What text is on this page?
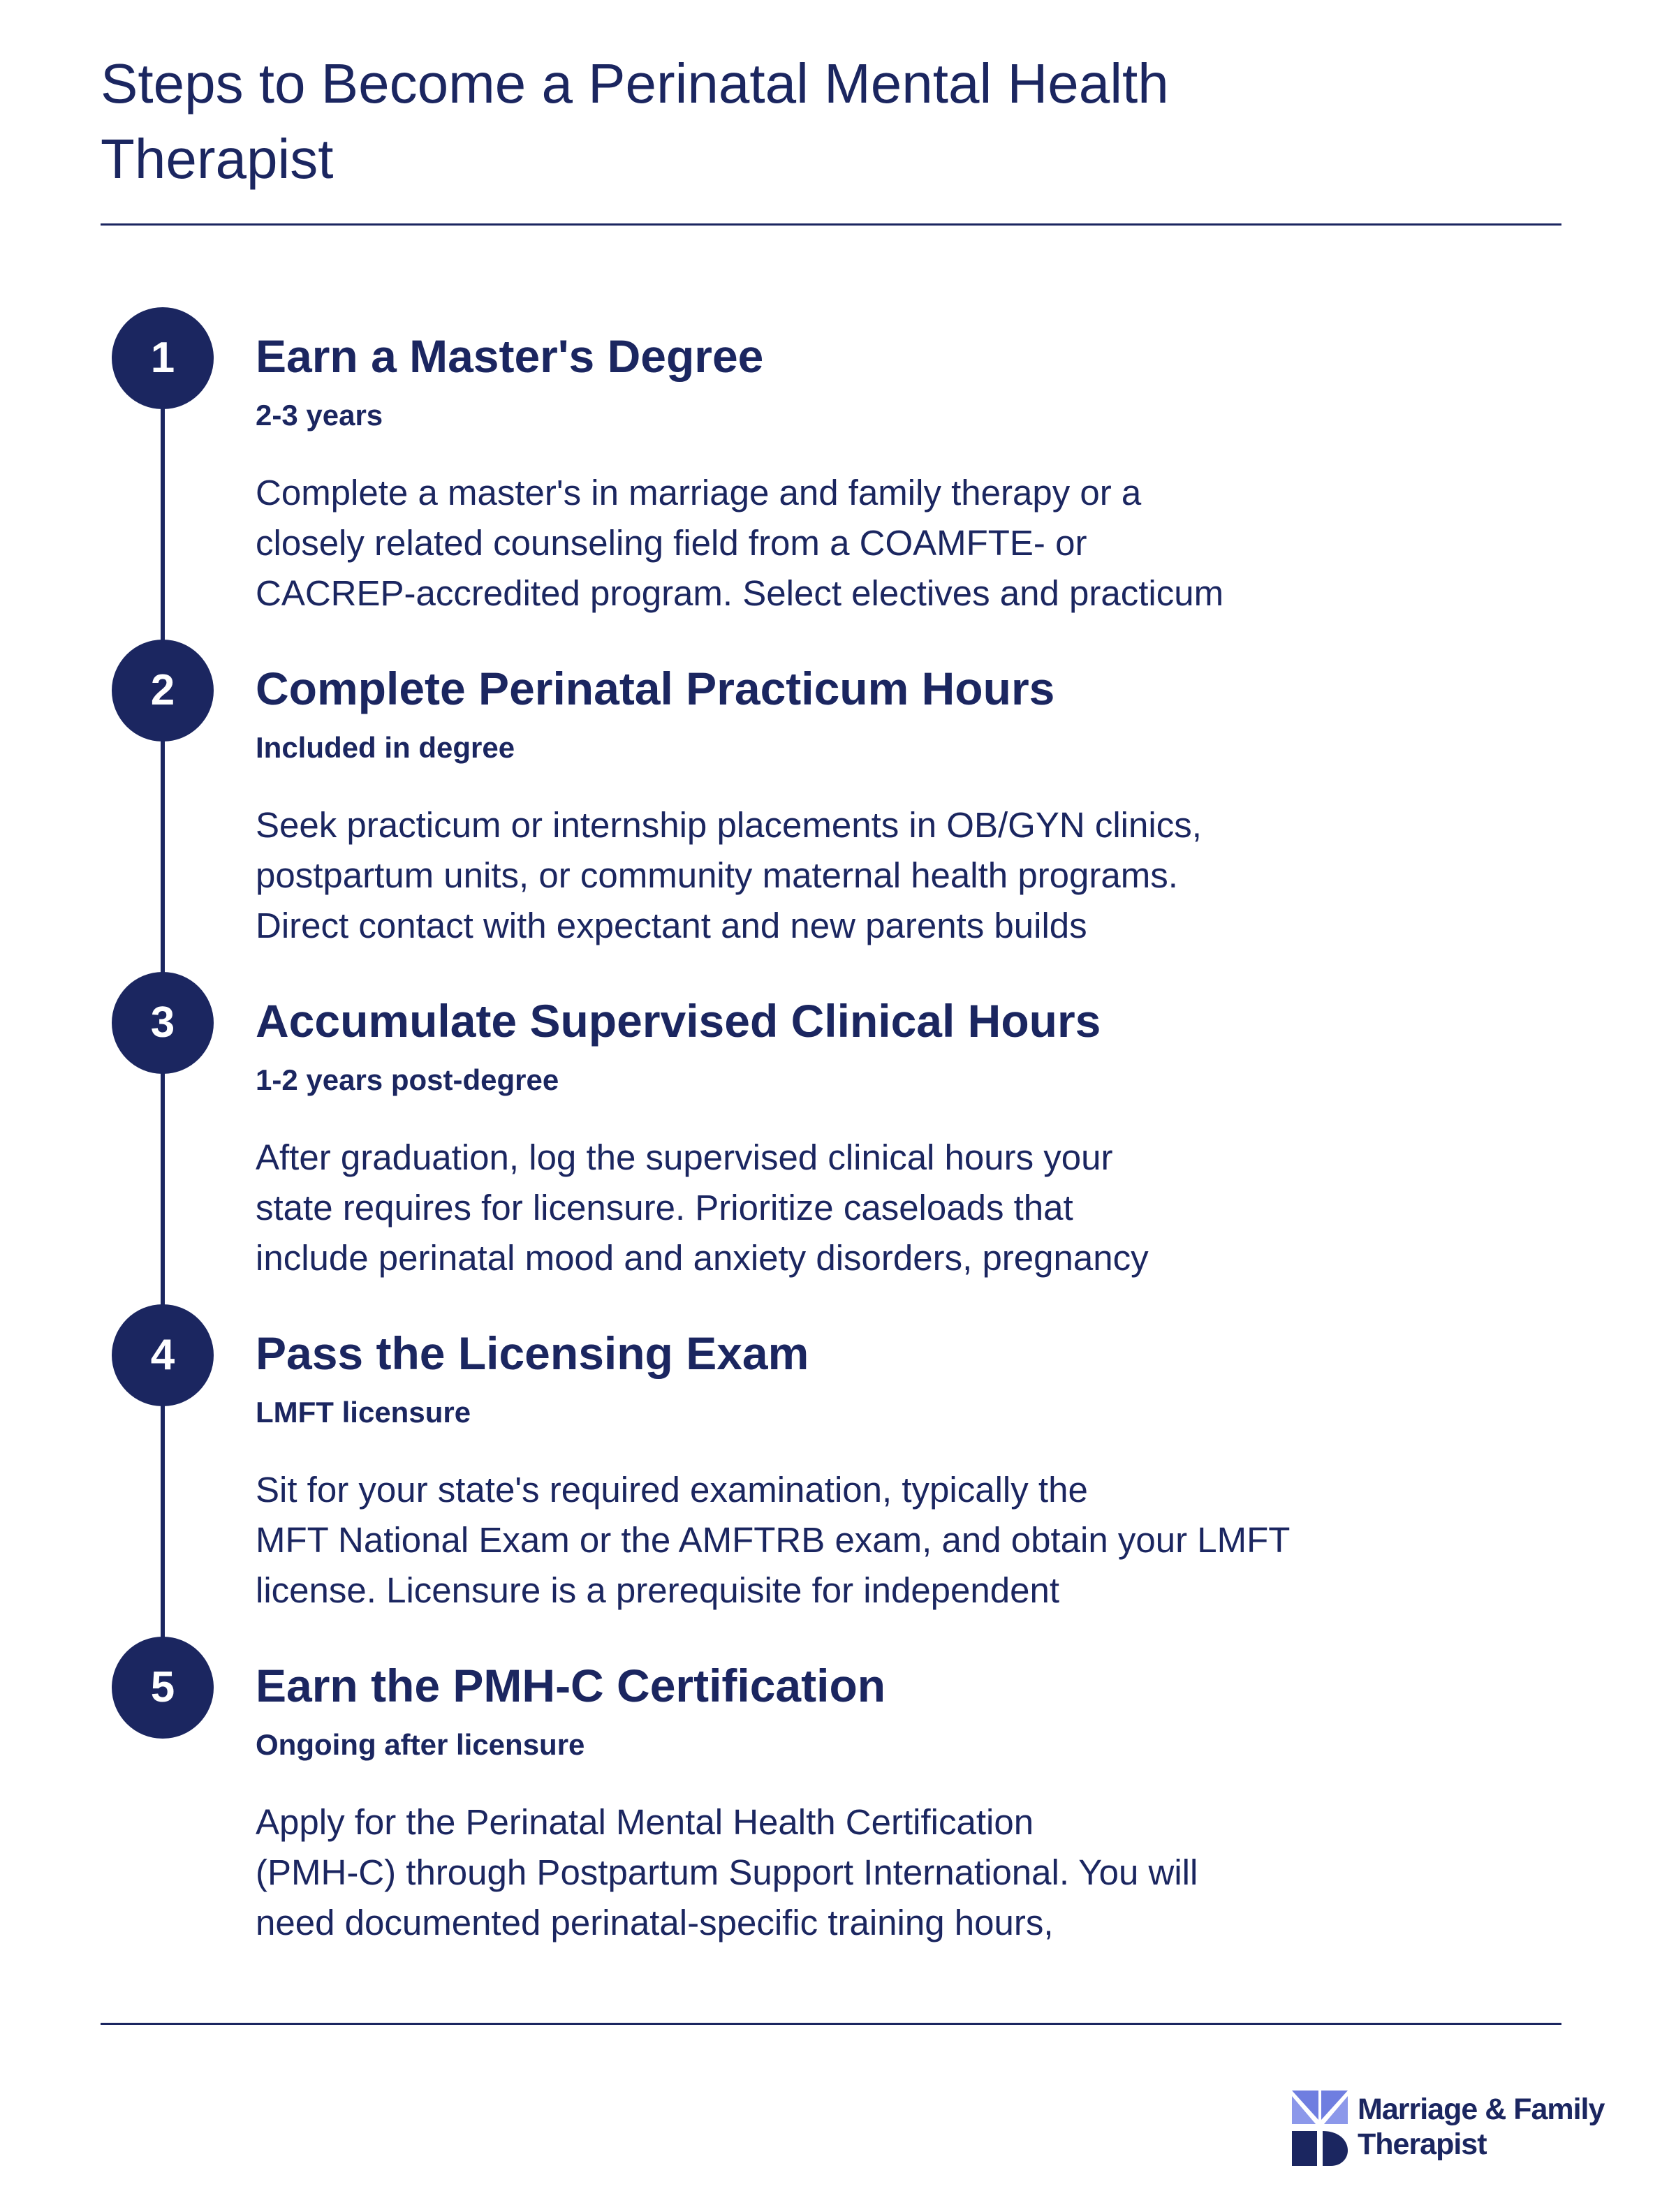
Steps to Become a Perinatal Mental Health
Therapist
1	Earn a Master's Degree
2-3 years
Complete a master's in marriage and family therapy or a
closely related counseling field from a COAMFTE- or
CACREP-accredited program. Select electives and practicum
2	Complete Perinatal Practicum Hours
Included in degree
Seek practicum or internship placements in OB/GYN clinics,
postpartum units, or community maternal health programs.
Direct contact with expectant and new parents builds
3	Accumulate Supervised Clinical Hours
1-2 years post-degree
After graduation, log the supervised clinical hours your
state requires for licensure. Prioritize caseloads that
include perinatal mood and anxiety disorders, pregnancy
4	Pass the Licensing Exam
LMFT licensure
Sit for your state's required examination, typically the
MFT National Exam or the AMFTRB exam, and obtain your LMFT
license. Licensure is a prerequisite for independent
5	Earn the PMH-C Certification
Ongoing after licensure
Apply for the Perinatal Mental Health Certification
(PMH-C) through Postpartum Support International. You will
need documented perinatal-specific training hours,
Marriage & Family
Therapist
